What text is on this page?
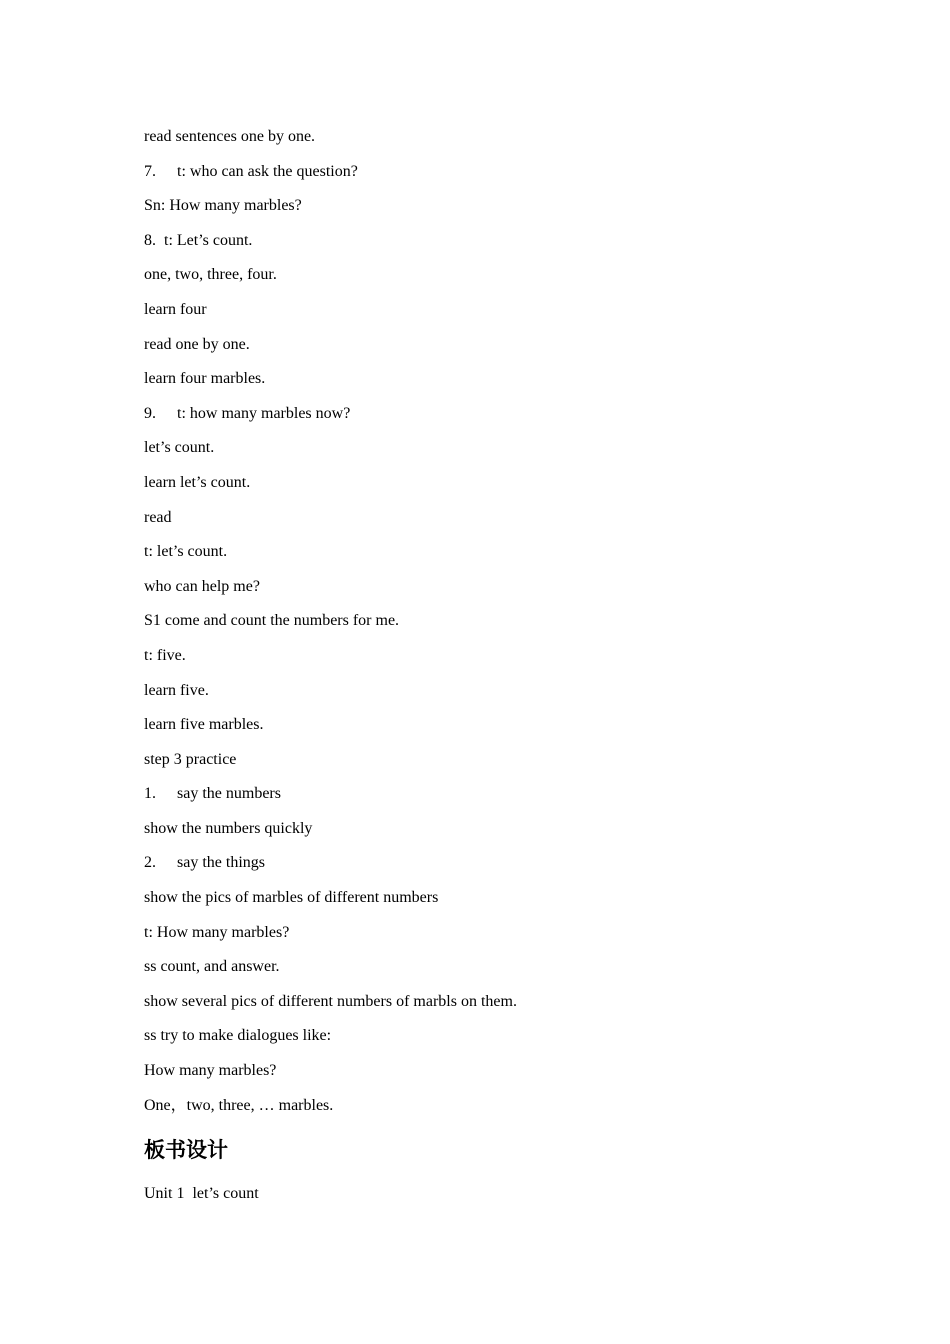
read sentences one by one.
7. t: who can ask the question?
Sn: How many marbles?
8.  t: Let’s count.
one, two, three, four.
learn four
read one by one.
learn four marbles.
9. t: how many marbles now?
let’s count.
learn let’s count.
read
t: let’s count.
who can help me?
S1 come and count the numbers for me.
t: five.
learn five.
learn five marbles.
step 3 practice
1. say the numbers
show the numbers quickly
2. say the things
show the pics of marbles of different numbers
t: How many marbles?
ss count, and answer.
show several pics of different numbers of marbls on them.
ss try to make dialogues like:
How many marbles?
One，two, three, … marbles.
板书设计
Unit 1  let’s count
